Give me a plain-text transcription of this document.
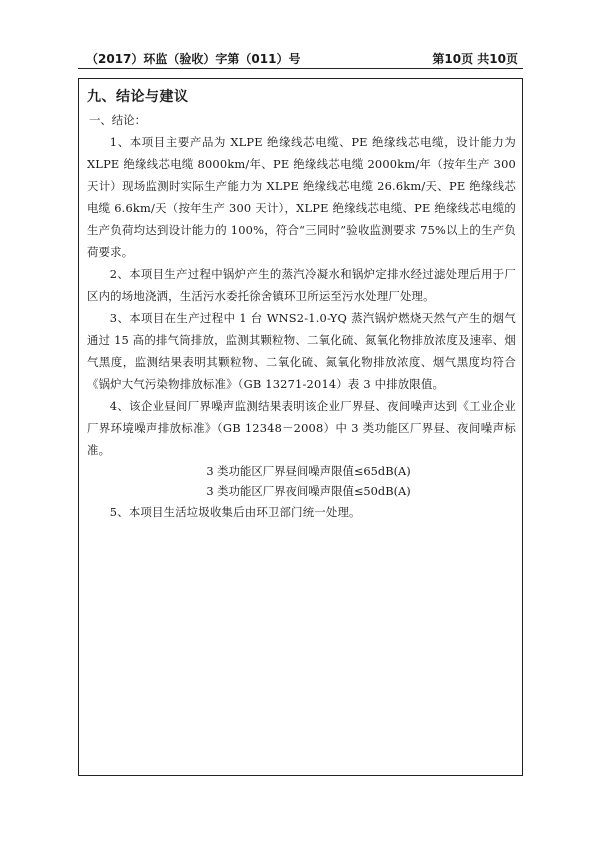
（2017）环监（验收）字第（011）号	第10页 共10页
九、结论与建议

一、结论：

1、本项目主要产品为 XLPE 绝缘线芯电缆、PE 绝缘线芯电缆，设计能力为 XLPE 绝缘线芯电缆 8000km/年、PE 绝缘线芯电缆 2000km/年（按年生产 300 天计）现场监测时实际生产能力为 XLPE 绝缘线芯电缆 26.6km/天、PE 绝缘线芯电缆 6.6km/天（按年生产 300 天计），XLPE 绝缘线芯电缆、PE 绝缘线芯电缆的生产负荷均达到设计能力的 100%，符合“三同时”验收监测要求 75%以上的生产负荷要求。

2、本项目生产过程中锅炉产生的蒸汽冷凝水和锅炉定排水经过滤处理后用于厂区内的场地浇洒，生活污水委托徐舍镇环卫所运至污水处理厂处理。

3、本项目在生产过程中 1 台 WNS2-1.0-YQ 蒸汽锅炉燃烧天然气产生的烟气通过 15 高的排气筒排放，监测其颗粒物、二氧化硫、氮氧化物排放浓度及速率、烟气黑度，监测结果表明其颗粒物、二氧化硫、氮氧化物排放浓度、烟气黑度均符合《锅炉大气污染物排放标准》（GB 13271-2014）表 3 中排放限值。

4、该企业昼间厂界噪声监测结果表明该企业厂界昼、夜间噪声达到《工业企业厂界环境噪声排放标准》（GB 12348－2008）中 3 类功能区厂界昼、夜间噪声标准。

3 类功能区厂界昼间噪声限值≤65dB(A)

3 类功能区厂界夜间噪声限值≤50dB(A)

5、本项目生活垃圾收集后由环卫部门统一处理。
